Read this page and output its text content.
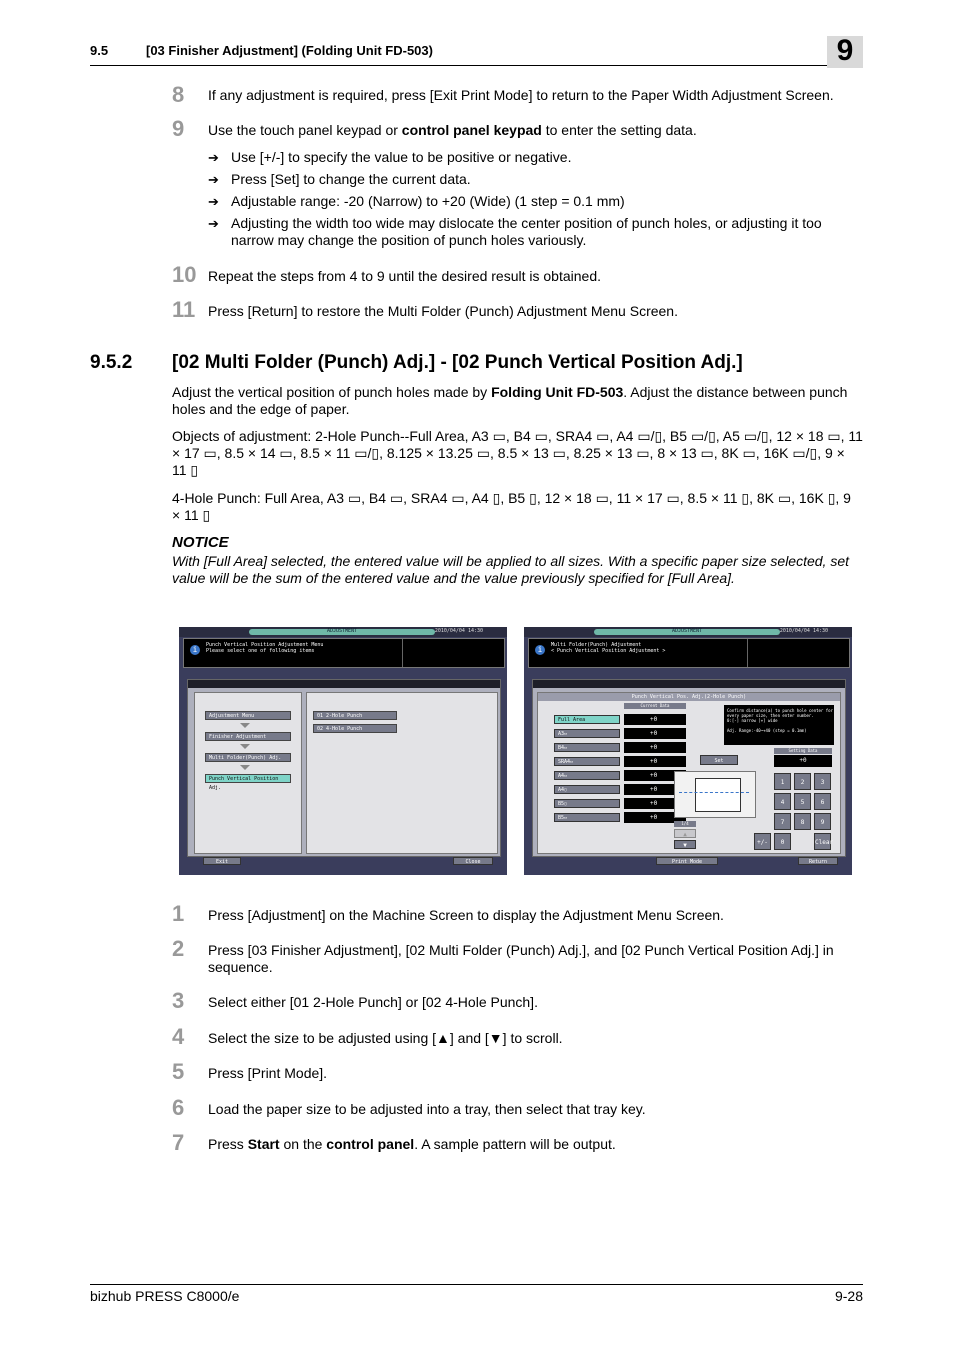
9.5	[03 Finisher Adjustment] (Folding Unit FD-503)	9
8	If any adjustment is required, press [Exit Print Mode] to return to the Paper Width Adjustment Screen.
9	Use the touch panel keypad or control panel keypad to enter the setting data.
➔ Use [+/-] to specify the value to be positive or negative.
➔ Press [Set] to change the current data.
➔ Adjustable range: -20 (Narrow) to +20 (Wide) (1 step = 0.1 mm)
➔ Adjusting the width too wide may dislocate the center position of punch holes, or adjusting it too narrow may change the position of punch holes variously.
10 Repeat the steps from 4 to 9 until the desired result is obtained.
11 Press [Return] to restore the Multi Folder (Punch) Adjustment Menu Screen.
9.5.2 [02 Multi Folder (Punch) Adj.] - [02 Punch Vertical Position Adj.]
Adjust the vertical position of punch holes made by Folding Unit FD-503. Adjust the distance between punch holes and the edge of paper.
Objects of adjustment: 2-Hole Punch--Full Area, A3 ▭, B4 ▭, SRA4 ▭, A4 ▭/▯, B5 ▭/▯, A5 ▭/▯, 12 × 18 ▭, 11 × 17 ▭, 8.5 × 14 ▭, 8.5 × 11 ▭/▯, 8.125 × 13.25 ▭, 8.5 × 13 ▭, 8.25 × 13 ▭, 8 × 13 ▭, 8K ▭, 16K ▭/▯, 9 × 11 ▯
4-Hole Punch: Full Area, A3 ▭, B4 ▭, SRA4 ▭, A4 ▯, B5 ▯, 12 × 18 ▭, 11 × 17 ▭, 8.5 × 11 ▯, 8K ▭, 16K ▯, 9 × 11 ▯
NOTICE
With [Full Area] selected, the entered value will be applied to all sizes. With a specific paper size selected, set value will be the sum of the entered value and the value previously specified for [Full Area].
ADJUSTMENT	2010/04/04 14:30
i	Punch Vertical Position Adjustment Menu
Please select one of following items
Adjustment Menu
Finisher Adjustment
Multi Folder(Punch) Adj.
Punch Vertical Position Adj.
01 2-Hole Punch
02 4-Hole Punch
Exit	Close
ADJUSTMENT	2010/04/04 14:30
i	Multi Folder(Punch) Adjustment
< Punch Vertical Position Adjustment >
Punch Vertical Pos. Adj.(2-Hole Punch)
Current Data
Full Area	+0
A3▭	+0
B4▭	+0
SRA4▭	+0
A4▭	+0
A4▯	+0
B5▯	+0
B5▭	+0
Confirm distance(a) to punch hole center for
every paper size, then enter number.
0:[-] narrow [+] wide

Adj. Range:-40~+40 (step = 0.1mm)
Setting Data
+0
Set
1/4
▲
▼
1	2	3
4	5	6
7	8	9
+/-	0	Clear
Print Mode	Return
1	Press [Adjustment] on the Machine Screen to display the Adjustment Menu Screen.
2	Press [03 Finisher Adjustment], [02 Multi Folder (Punch) Adj.], and [02 Punch Vertical Position Adj.] in sequence.
3	Select either [01 2-Hole Punch] or [02 4-Hole Punch].
4	Select the size to be adjusted using [▲] and [▼] to scroll.
5	Press [Print Mode].
6	Load the paper size to be adjusted into a tray, then select that tray key.
7	Press Start on the control panel. A sample pattern will be output.
bizhub PRESS C8000/e	9-28
